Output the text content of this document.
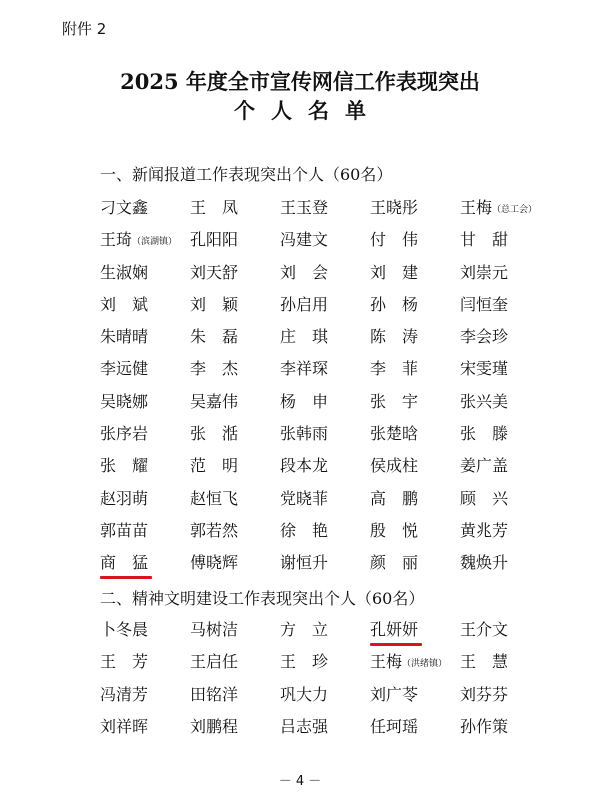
附件 2
2025 年度全市宣传网信工作表现突出
个人名单
一、新闻报道工作表现突出个人（60名）
刁文鑫	王　凤	王玉登	王晓彤	王梅（总工会）
王琦（滨湖镇） 孔阳阳	冯建文	付　伟	甘　甜
生淑娴	刘天舒	刘　会	刘　建	刘崇元
刘　斌	刘　颖	孙启用	孙　杨	闫恒奎
朱晴晴	朱　磊	庄　琪	陈　涛	李会珍
李远健	李　杰	李祥琛	李　菲	宋雯瑾
吴晓娜	吴嘉伟	杨　申	张　宇	张兴美
张序岩	张　湉	张韩雨	张楚晗	张　滕
张　耀	范　明	段本龙	侯成柱	姜广盖
赵羽萌	赵恒飞	党晓菲	高　鹏	顾　兴
郭苗苗	郭若然	徐　艳	殷　悦	黄兆芳
商　猛	傅晓辉	谢恒升	颜　丽	魏焕升
二、精神文明建设工作表现突出个人（60名）
卜冬晨	马树洁	方　立	孔妍妍	王介文
王　芳	王启任	王　珍	王梅（洪绪镇） 王　慧
冯清芳	田铭洋	巩大力	刘广苓	刘芬芬
刘祥晖	刘鹏程	吕志强	任珂瑶	孙作策
－ 4 －
